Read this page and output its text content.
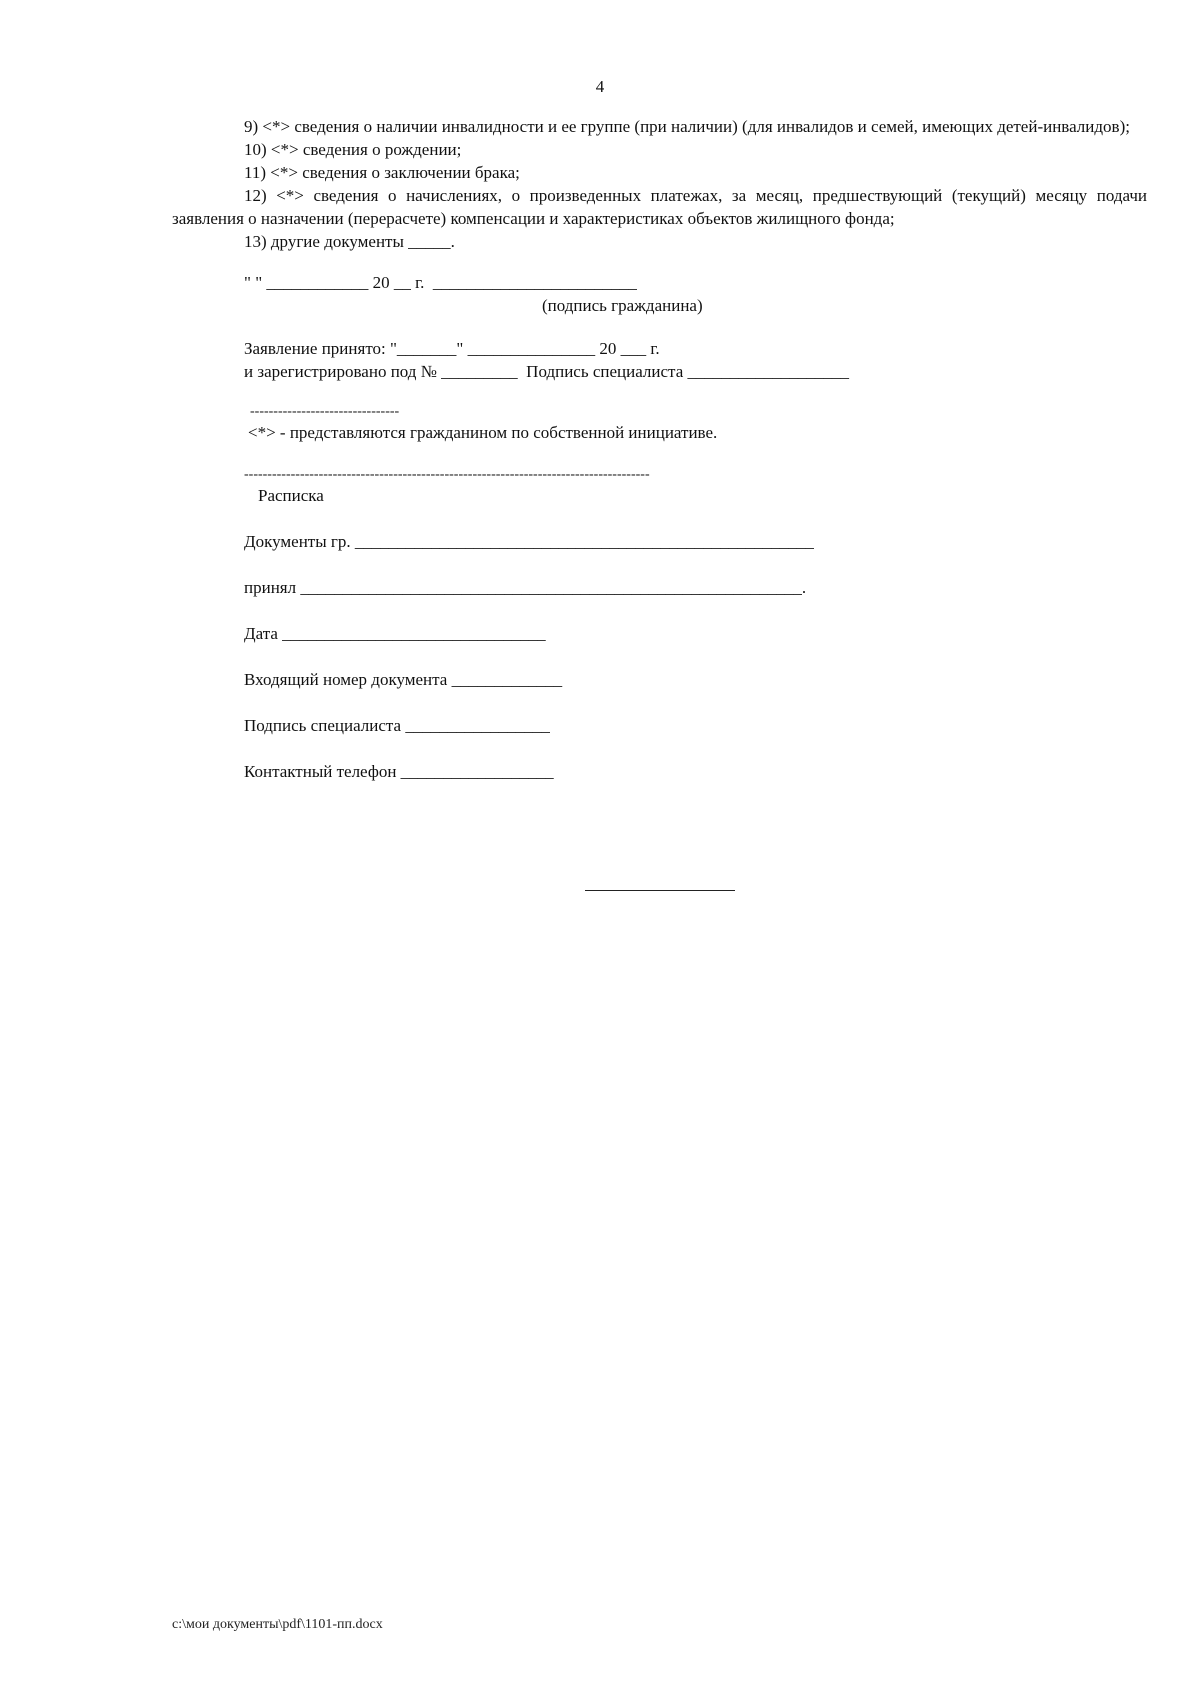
4

9) <*> сведения о наличии инвалидности и ее группе (при наличии) (для инвалидов и семей, имеющих детей-инвалидов);

10) <*> сведения о рождении;

11) <*> сведения о заключении брака;

12) <*> сведения о начислениях, о произведенных платежах, за месяц, предшествующий (текущий) месяцу подачи заявления о назначении (перерасчете) компенсации и характеристиках объектов жилищного фонда;

13) другие документы _____.

" " ____________ 20 __ г.  ________________________

(подпись гражданина)

Заявление принято: "_______" _______________ 20 ___ г.

и зарегистрировано под № _________  Подпись специалиста ___________________

--------------------------------

<*> - представляются гражданином по собственной инициативе.

---------------------------------------------------------------------------------------

Расписка

Документы гр. ______________________________________________________

принял ___________________________________________________________.

Дата _______________________________

Входящий номер документа _____________

Подпись специалиста _________________

Контактный телефон __________________

c:\мои документы\pdf\1101-пп.docx
